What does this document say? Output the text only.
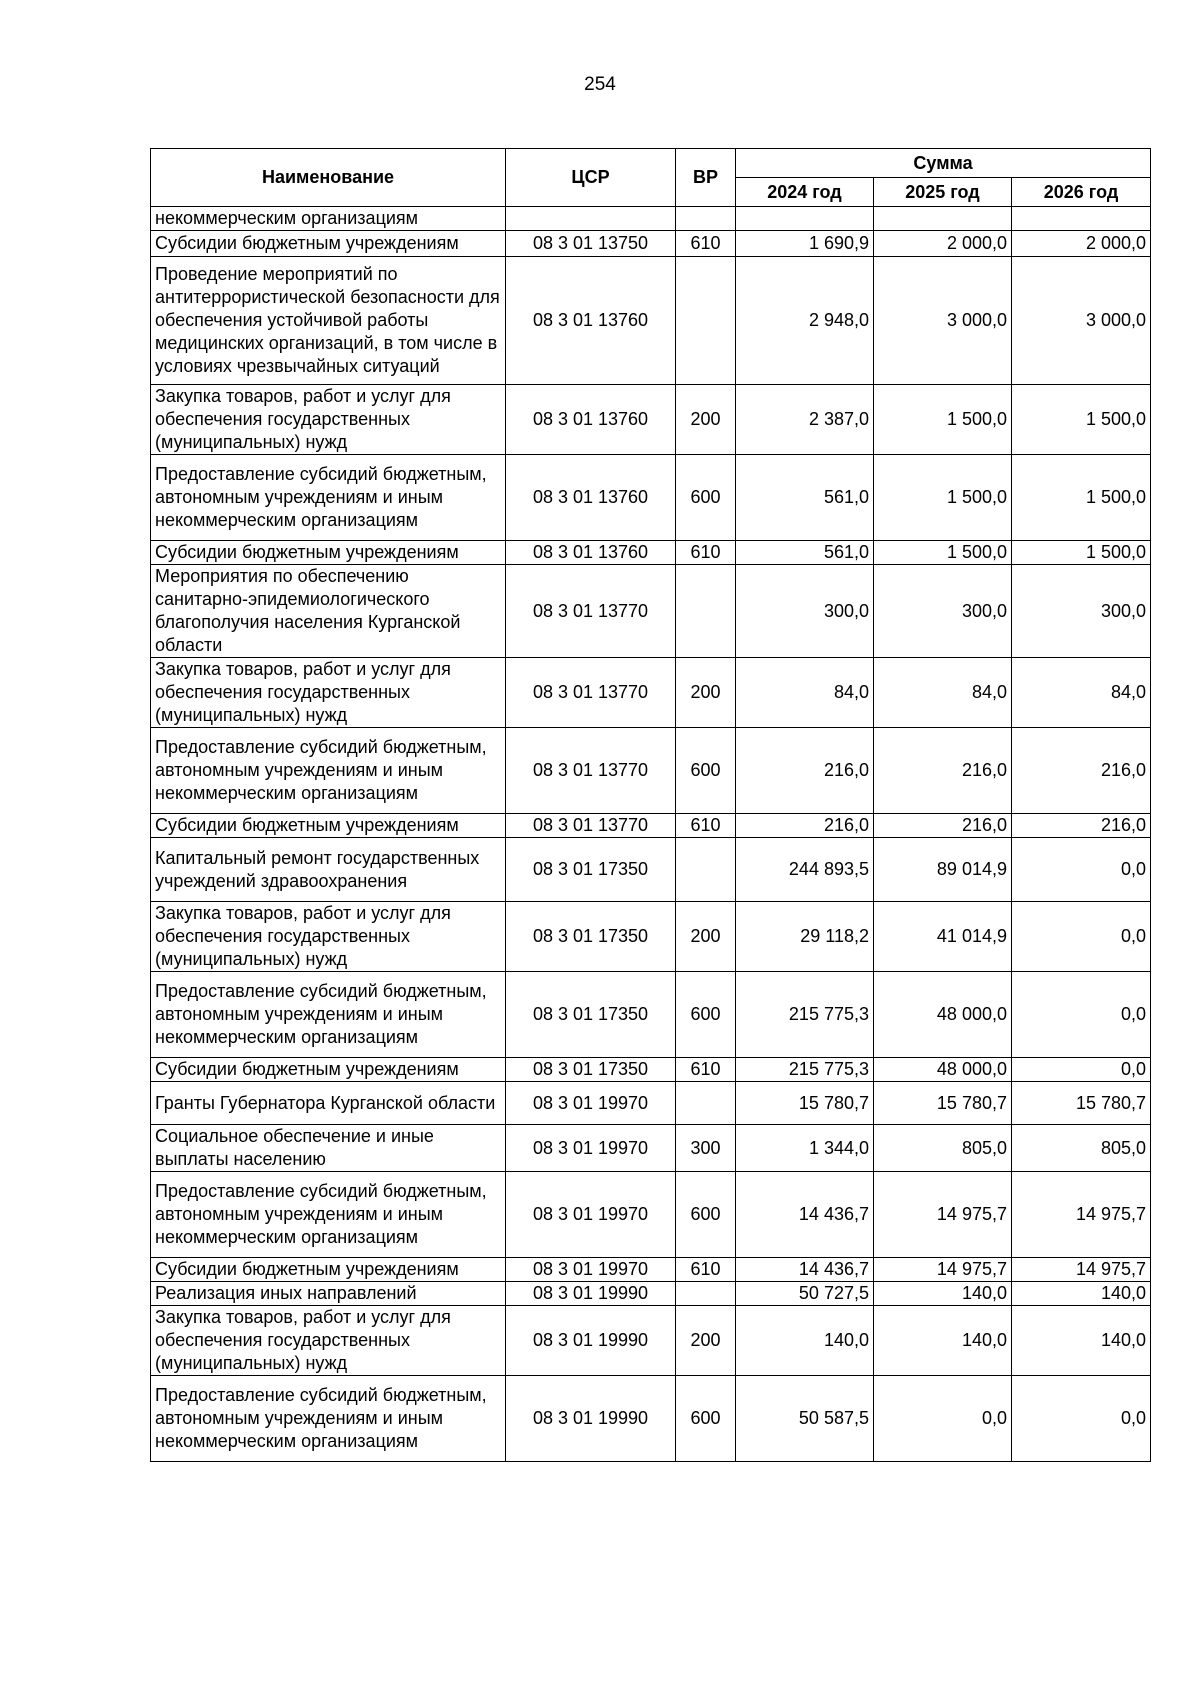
254
Наименование	ЦСР	ВР	Сумма		
			2024 год	2025 год	2026 год
некоммерческим организациям					
Субсидии бюджетным учреждениям	08 3 01 13750	610	1 690,9	2 000,0	2 000,0
Проведение мероприятий по антитеррористической безопасности для обеспечения устойчивой работы медицинских организаций, в том числе в условиях чрезвычайных ситуаций	08 3 01 13760		2 948,0	3 000,0	3 000,0
Закупка товаров, работ и услуг для обеспечения государственных (муниципальных) нужд	08 3 01 13760	200	2 387,0	1 500,0	1 500,0
Предоставление субсидий бюджетным, автономным учреждениям и иным некоммерческим организациям	08 3 01 13760	600	561,0	1 500,0	1 500,0
Субсидии бюджетным учреждениям	08 3 01 13760	610	561,0	1 500,0	1 500,0
Мероприятия по обеспечению санитарно-эпидемиологического благополучия населения Курганской области	08 3 01 13770		300,0	300,0	300,0
Закупка товаров, работ и услуг для обеспечения государственных (муниципальных) нужд	08 3 01 13770	200	84,0	84,0	84,0
Предоставление субсидий бюджетным, автономным учреждениям и иным некоммерческим организациям	08 3 01 13770	600	216,0	216,0	216,0
Субсидии бюджетным учреждениям	08 3 01 13770	610	216,0	216,0	216,0
Капитальный ремонт государственных учреждений здравоохранения	08 3 01 17350		244 893,5	89 014,9	0,0
Закупка товаров, работ и услуг для обеспечения государственных (муниципальных) нужд	08 3 01 17350	200	29 118,2	41 014,9	0,0
Предоставление субсидий бюджетным, автономным учреждениям и иным некоммерческим организациям	08 3 01 17350	600	215 775,3	48 000,0	0,0
Субсидии бюджетным учреждениям	08 3 01 17350	610	215 775,3	48 000,0	0,0
Гранты Губернатора Курганской области	08 3 01 19970		15 780,7	15 780,7	15 780,7
Социальное обеспечение и иные выплаты населению	08 3 01 19970	300	1 344,0	805,0	805,0
Предоставление субсидий бюджетным, автономным учреждениям и иным некоммерческим организациям	08 3 01 19970	600	14 436,7	14 975,7	14 975,7
Субсидии бюджетным учреждениям	08 3 01 19970	610	14 436,7	14 975,7	14 975,7
Реализация иных направлений	08 3 01 19990		50 727,5	140,0	140,0
Закупка товаров, работ и услуг для обеспечения государственных (муниципальных) нужд	08 3 01 19990	200	140,0	140,0	140,0
Предоставление субсидий бюджетным, автономным учреждениям и иным некоммерческим организациям	08 3 01 19990	600	50 587,5	0,0	0,0
